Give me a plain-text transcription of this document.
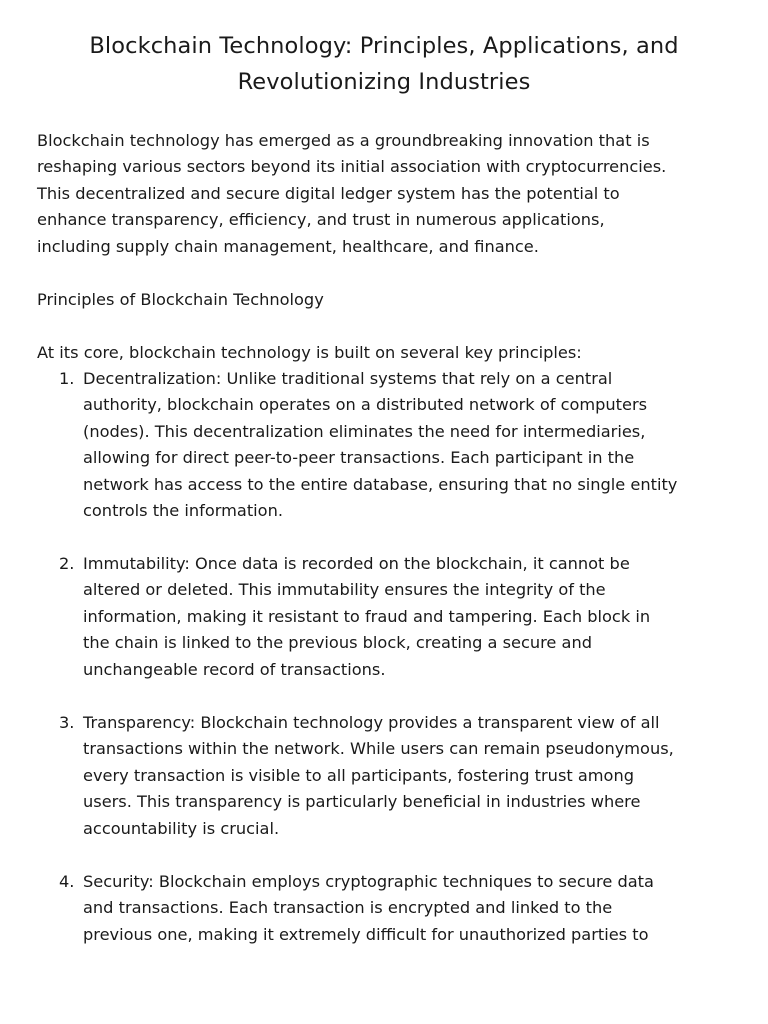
Blockchain Technology: Principles, Applications, and
Revolutionizing Industries

Blockchain technology has emerged as a groundbreaking innovation that is
reshaping various sectors beyond its initial association with cryptocurrencies.
This decentralized and secure digital ledger system has the potential to
enhance transparency, efficiency, and trust in numerous applications,
including supply chain management, healthcare, and finance.

Principles of Blockchain Technology

At its core, blockchain technology is built on several key principles:

1. Decentralization: Unlike traditional systems that rely on a central
authority, blockchain operates on a distributed network of computers
(nodes). This decentralization eliminates the need for intermediaries,
allowing for direct peer-to-peer transactions. Each participant in the
network has access to the entire database, ensuring that no single entity
controls the information.
2. Immutability: Once data is recorded on the blockchain, it cannot be
altered or deleted. This immutability ensures the integrity of the
information, making it resistant to fraud and tampering. Each block in
the chain is linked to the previous block, creating a secure and
unchangeable record of transactions.
3. Transparency: Blockchain technology provides a transparent view of all
transactions within the network. While users can remain pseudonymous,
every transaction is visible to all participants, fostering trust among
users. This transparency is particularly beneficial in industries where
accountability is crucial.
4. Security: Blockchain employs cryptographic techniques to secure data
and transactions. Each transaction is encrypted and linked to the
previous one, making it extremely difficult for unauthorized parties to
